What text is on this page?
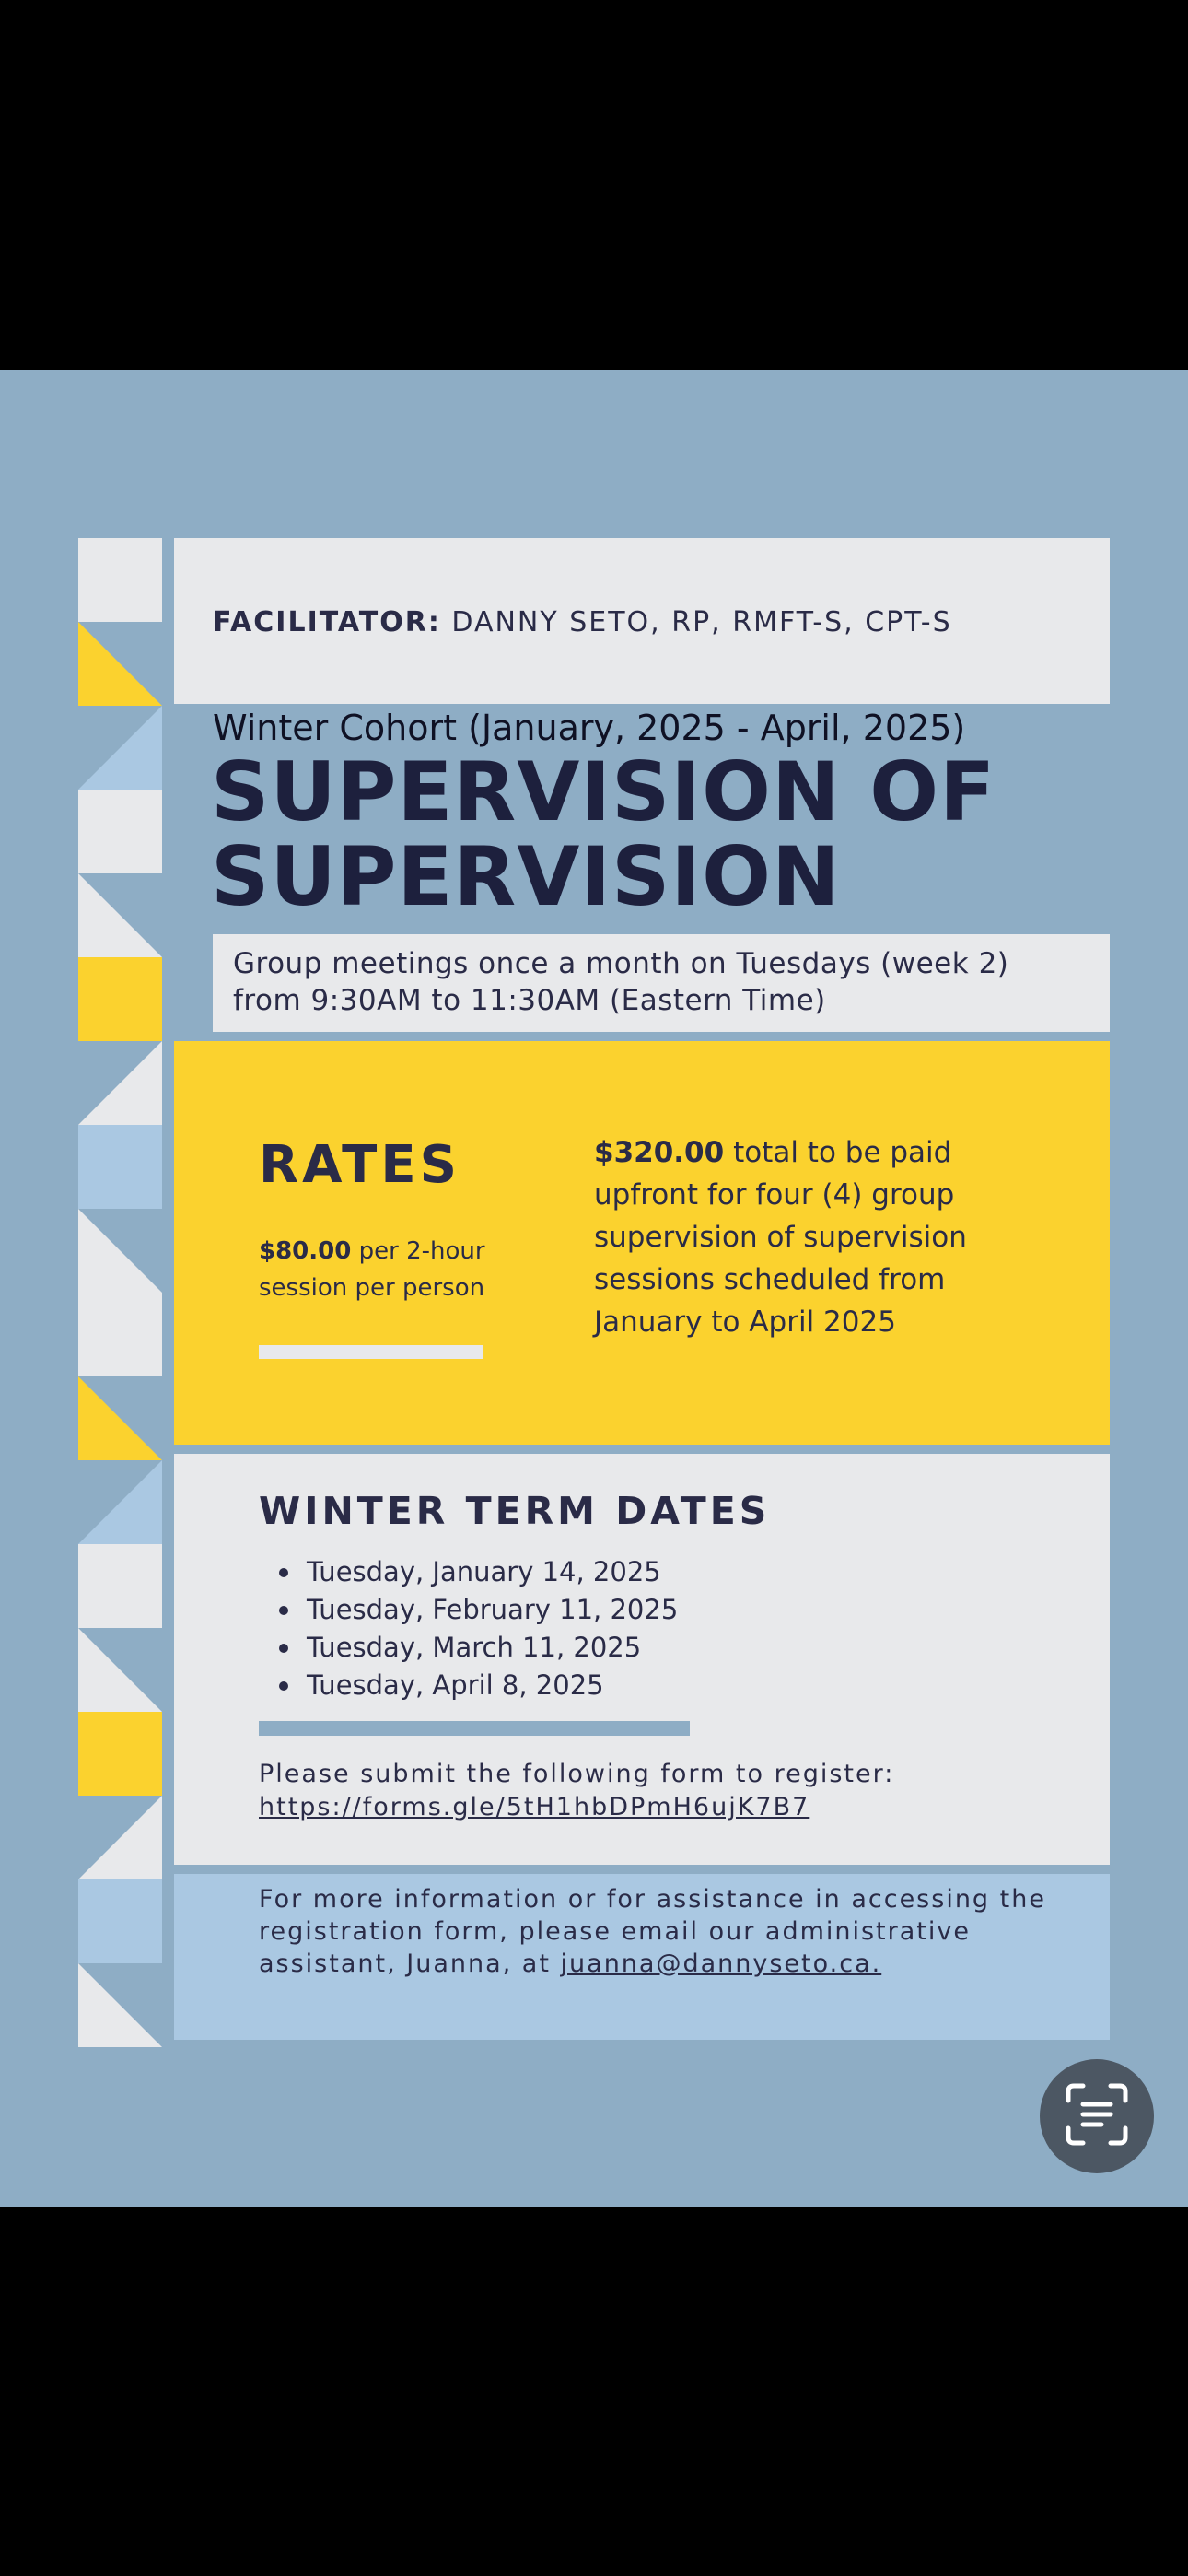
FACILITATOR: DANNY SETO, RP, RMFT-S, CPT-S
Winter Cohort (January, 2025 - April, 2025)
SUPERVISION OF
SUPERVISION
Group meetings once a month on Tuesdays (week 2)
from 9:30AM to 11:30AM (Eastern Time)
RATES
$80.00 per 2-hour session per person
$320.00 total to be paid upfront for four (4) group supervision of supervision sessions scheduled from January to April 2025
WINTER TERM DATES
Tuesday, January 14, 2025
Tuesday, February 11, 2025
Tuesday, March 11, 2025
Tuesday, April 8, 2025
Please submit the following form to register:
https://forms.gle/5tH1hbDPmH6ujK7B7
For more information or for assistance in accessing the registration form, please email our administrative assistant, Juanna, at juanna@dannyseto.ca.
